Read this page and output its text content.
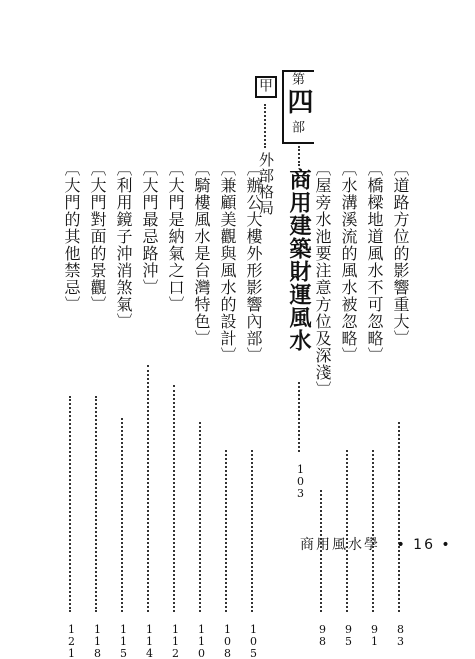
〔道路方位的影響重大〕
83
〔橋樑地道風水不可忽略〕
91
〔水溝溪流的風水被忽略〕
95
〔屋旁水池要注意方位及深淺〕
98
第
四
部
商用建築財運風水
103
甲
外部格局
〔辦公大樓外形影響內部〕
105
〔兼顧美觀與風水的設計〕
108
〔騎樓風水是台灣特色〕
110
〔大門是納氣之口〕
112
〔大門最忌路沖〕
114
〔利用鏡子沖消煞氣〕
115
〔大門對面的景觀〕
118
〔大門的其他禁忌〕
121
商用風水學 • 16 •
